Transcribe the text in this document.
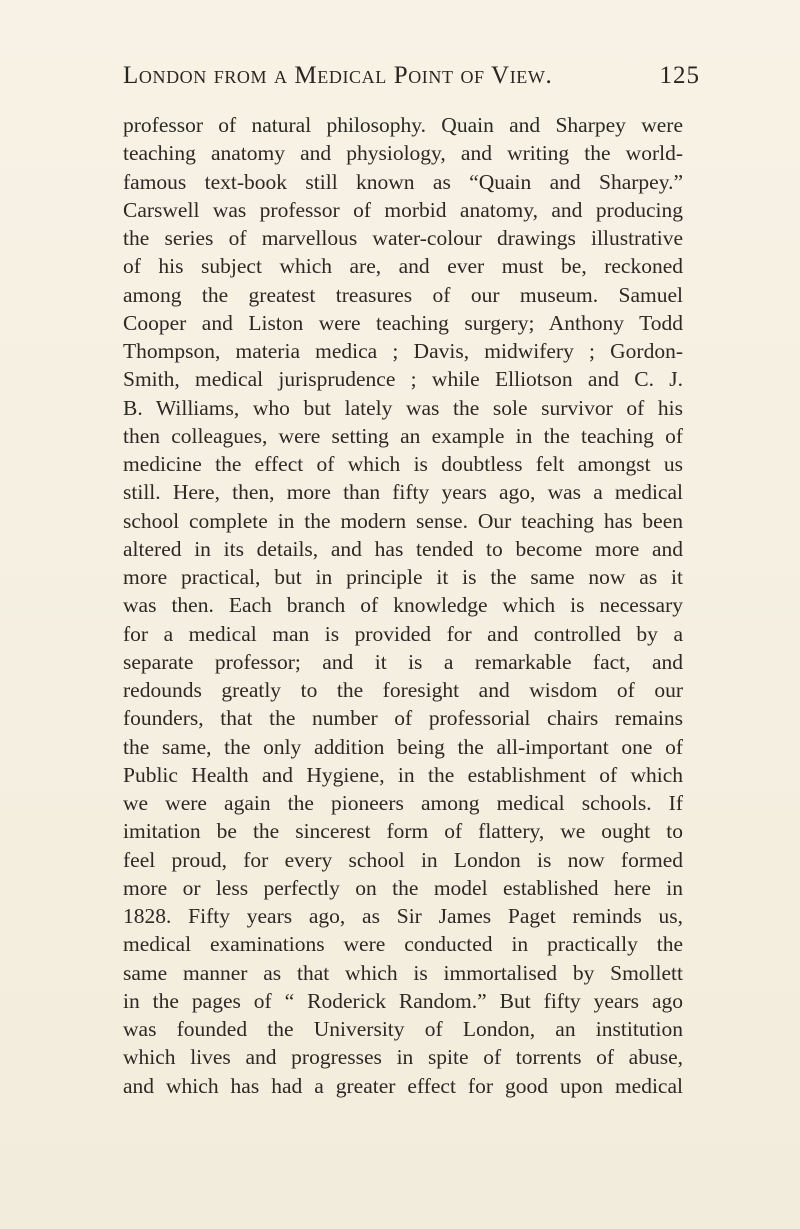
London from a Medical Point of View.	125
professor of natural philosophy. Quain and Sharpey were
teaching anatomy and physiology, and writing the world-
famous text-book still known as “Quain and Sharpey.”
Carswell was professor of morbid anatomy, and producing
the series of marvellous water-colour drawings illustrative
of his subject which are, and ever must be, reckoned
among the greatest treasures of our museum. Samuel
Cooper and Liston were teaching surgery; Anthony Todd
Thompson, materia medica ; Davis, midwifery ; Gordon-
Smith, medical jurisprudence ; while Elliotson and C. J.
B. Williams, who but lately was the sole survivor of his
then colleagues, were setting an example in the teaching of
medicine the effect of which is doubtless felt amongst us
still. Here, then, more than fifty years ago, was a medical
school complete in the modern sense. Our teaching has been
altered in its details, and has tended to become more and
more practical, but in principle it is the same now as it
was then. Each branch of knowledge which is necessary
for a medical man is provided for and controlled by a
separate professor; and it is a remarkable fact, and
redounds greatly to the foresight and wisdom of our
founders, that the number of professorial chairs remains
the same, the only addition being the all-important one of
Public Health and Hygiene, in the establishment of which
we were again the pioneers among medical schools. If
imitation be the sincerest form of flattery, we ought to
feel proud, for every school in London is now formed
more or less perfectly on the model established here in
1828. Fifty years ago, as Sir James Paget reminds us,
medical examinations were conducted in practically the
same manner as that which is immortalised by Smollett
in the pages of “ Roderick Random.” But fifty years ago
was founded the University of London, an institution
which lives and progresses in spite of torrents of abuse,
and which has had a greater effect for good upon medical
